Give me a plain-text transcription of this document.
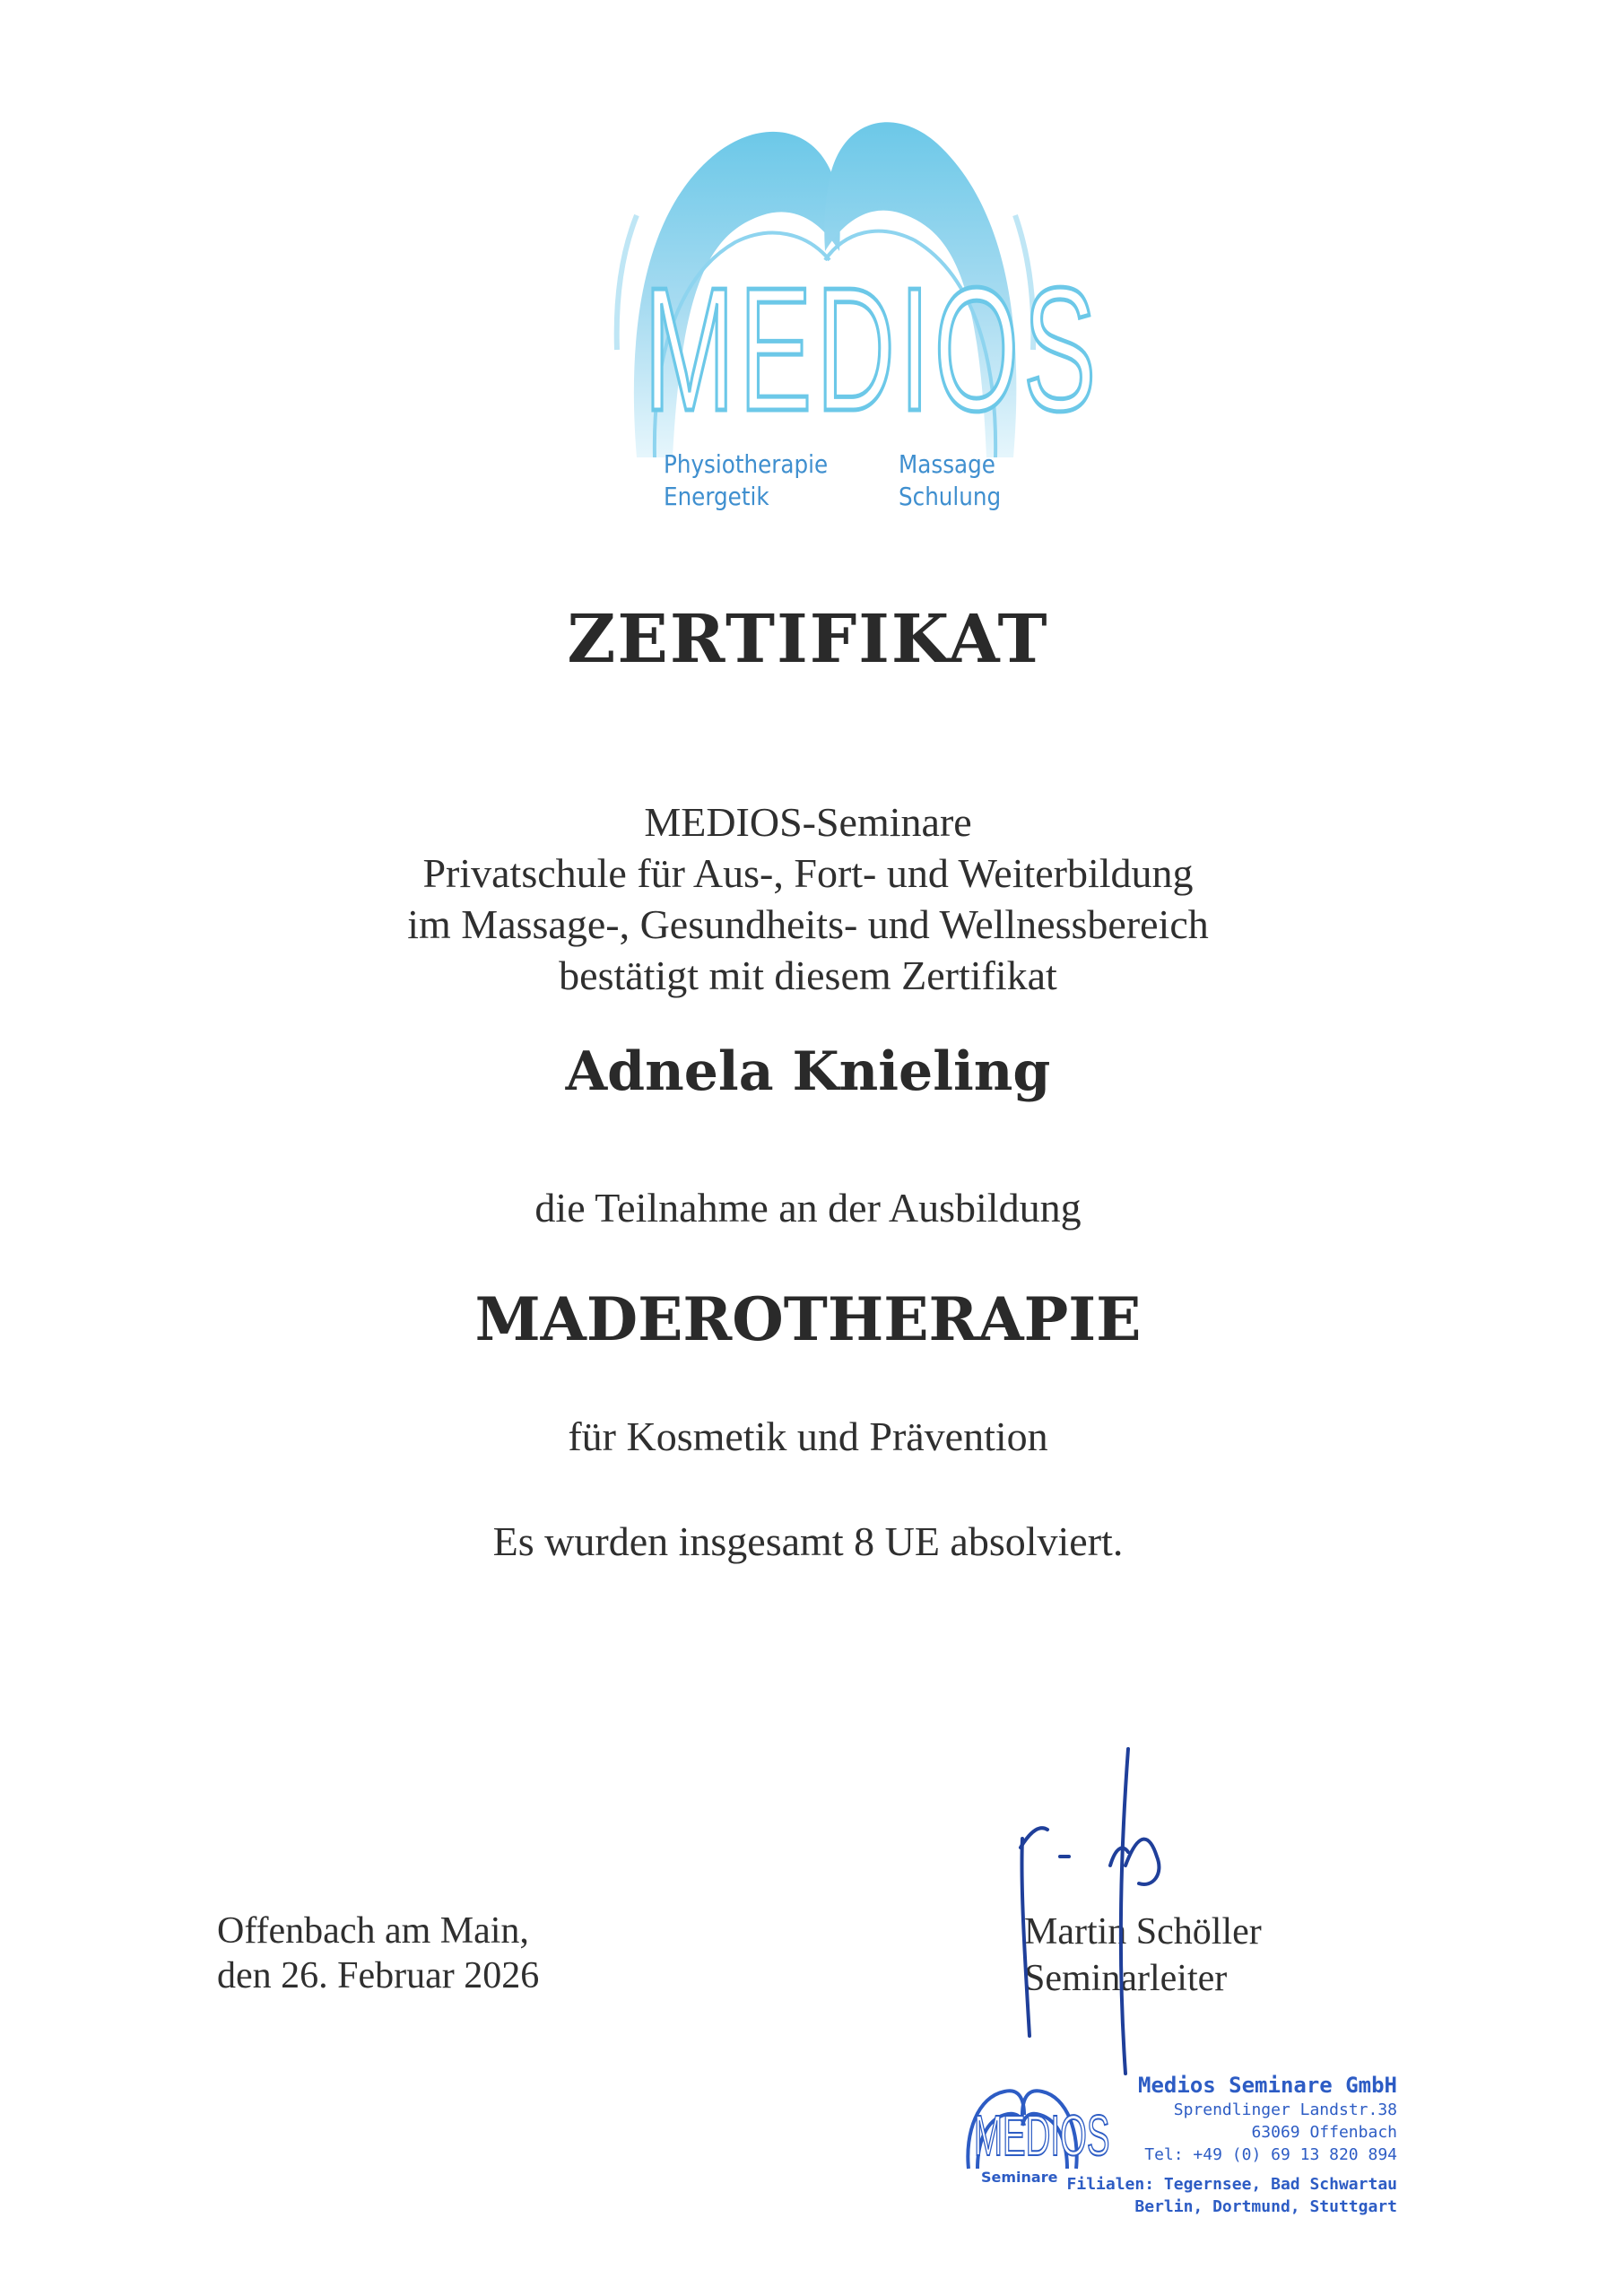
MEDIOS
Physiotherapie
Energetik
Massage
Schulung
ZERTIFIKAT
MEDIOS-Seminare
Privatschule für Aus-, Fort- und Weiterbildung
im Massage-, Gesundheits- und Wellnessbereich
bestätigt mit diesem Zertifikat
Adnela Knieling
die Teilnahme an der Ausbildung
MADEROTHERAPIE
für Kosmetik und Prävention
Es wurden insgesamt 8 UE absolviert.
Offenbach am Main,
den 26. Februar 2026
Martin Schöller
Seminarleiter
MEDIOS
Seminare
Medios Seminare GmbH
Sprendlinger Landstr.38
63069 Offenbach
Tel: +49 (0) 69 13 820 894
Filialen: Tegernsee, Bad Schwartau
Berlin, Dortmund, Stuttgart
